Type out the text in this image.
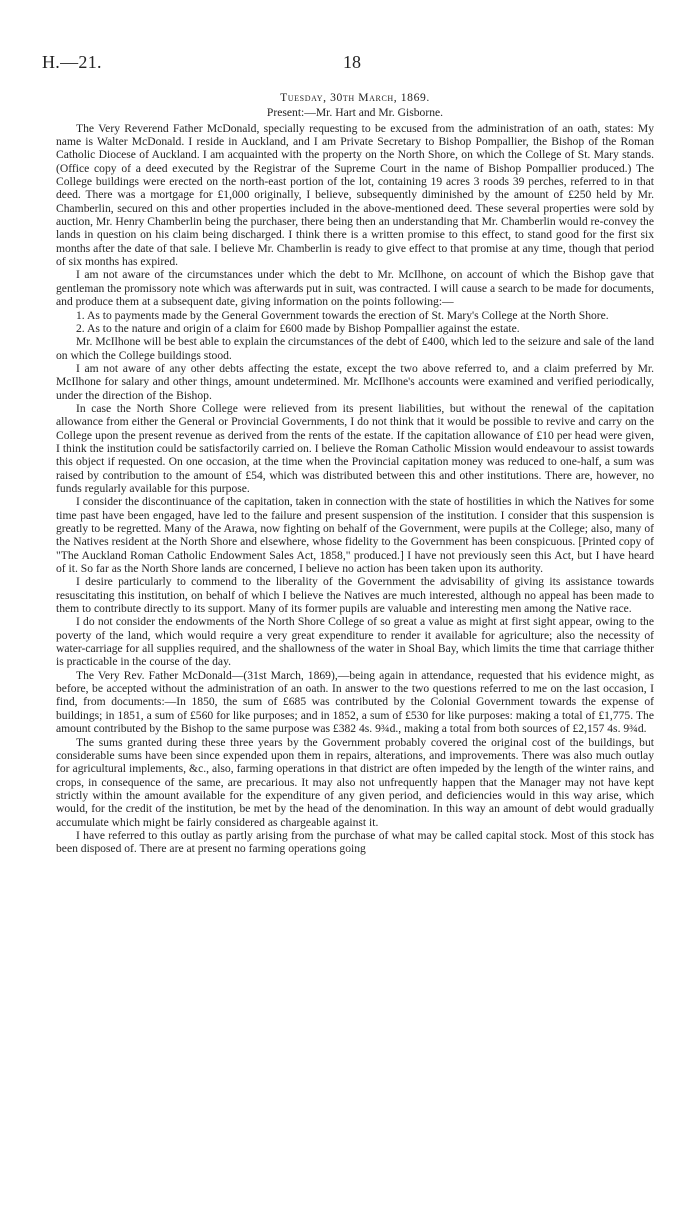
H.—21.	18
Tuesday, 30th March, 1869.
Present:—Mr. Hart and Mr. Gisborne.

The Very Reverend Father McDonald, specially requesting to be excused from the administration of an oath, states: My name is Walter McDonald. I reside in Auckland, and I am Private Secretary to Bishop Pompallier, the Bishop of the Roman Catholic Diocese of Auckland. I am acquainted with the property on the North Shore, on which the College of St. Mary stands. (Office copy of a deed executed by the Registrar of the Supreme Court in the name of Bishop Pompallier produced.) The College buildings were erected on the north-east portion of the lot, containing 19 acres 3 roods 39 perches, referred to in that deed. There was a mortgage for £1,000 originally, I believe, subsequently diminished by the amount of £250 held by Mr. Chamberlin, secured on this and other properties included in the above-mentioned deed. These several properties were sold by auction, Mr. Henry Chamberlin being the purchaser, there being then an understanding that Mr. Chamberlin would re-convey the lands in question on his claim being discharged. I think there is a written promise to this effect, to stand good for the first six months after the date of that sale. I believe Mr. Chamberlin is ready to give effect to that promise at any time, though that period of six months has expired.

I am not aware of the circumstances under which the debt to Mr. McIlhone, on account of which the Bishop gave that gentleman the promissory note which was afterwards put in suit, was contracted. I will cause a search to be made for documents, and produce them at a subsequent date, giving information on the points following:—

1. As to payments made by the General Government towards the erection of St. Mary's College at the North Shore.

2. As to the nature and origin of a claim for £600 made by Bishop Pompallier against the estate.

Mr. McIlhone will be best able to explain the circumstances of the debt of £400, which led to the seizure and sale of the land on which the College buildings stood.

I am not aware of any other debts affecting the estate, except the two above referred to, and a claim preferred by Mr. McIlhone for salary and other things, amount undetermined. Mr. McIlhone's accounts were examined and verified periodically, under the direction of the Bishop.

In case the North Shore College were relieved from its present liabilities, but without the renewal of the capitation allowance from either the General or Provincial Governments, I do not think that it would be possible to revive and carry on the College upon the present revenue as derived from the rents of the estate. If the capitation allowance of £10 per head were given, I think the institution could be satisfactorily carried on. I believe the Roman Catholic Mission would endeavour to assist towards this object if requested. On one occasion, at the time when the Provincial capitation money was reduced to one-half, a sum was raised by contribution to the amount of £54, which was distributed between this and other institutions. There are, however, no funds regularly available for this purpose.

I consider the discontinuance of the capitation, taken in connection with the state of hostilities in which the Natives for some time past have been engaged, have led to the failure and present suspension of the institution. I consider that this suspension is greatly to be regretted. Many of the Arawa, now fighting on behalf of the Government, were pupils at the College; also, many of the Natives resident at the North Shore and elsewhere, whose fidelity to the Government has been conspicuous. [Printed copy of "The Auckland Roman Catholic Endowment Sales Act, 1858," produced.] I have not previously seen this Act, but I have heard of it. So far as the North Shore lands are concerned, I believe no action has been taken upon its authority.

I desire particularly to commend to the liberality of the Government the advisability of giving its assistance towards resuscitating this institution, on behalf of which I believe the Natives are much interested, although no appeal has been made to them to contribute directly to its support. Many of its former pupils are valuable and interesting men among the Native race.

I do not consider the endowments of the North Shore College of so great a value as might at first sight appear, owing to the poverty of the land, which would require a very great expenditure to render it available for agriculture; also the necessity of water-carriage for all supplies required, and the shallowness of the water in Shoal Bay, which limits the time that carriage thither is practicable in the course of the day.

The Very Rev. Father McDonald—(31st March, 1869),—being again in attendance, requested that his evidence might, as before, be accepted without the administration of an oath. In answer to the two questions referred to me on the last occasion, I find, from documents:—In 1850, the sum of £685 was contributed by the Colonial Government towards the expense of buildings; in 1851, a sum of £560 for like purposes; and in 1852, a sum of £530 for like purposes: making a total of £1,775. The amount contributed by the Bishop to the same purpose was £382 4s. 9¾d., making a total from both sources of £2,157 4s. 9¾d.

The sums granted during these three years by the Government probably covered the original cost of the buildings, but considerable sums have been since expended upon them in repairs, alterations, and improvements. There was also much outlay for agricultural implements, &c., also, farming operations in that district are often impeded by the length of the winter rains, and crops, in consequence of the same, are precarious. It may also not unfrequently happen that the Manager may not have kept strictly within the amount available for the expenditure of any given period, and deficiencies would in this way arise, which would, for the credit of the institution, be met by the head of the denomination. In this way an amount of debt would gradually accumulate which might be fairly considered as chargeable against it.

I have referred to this outlay as partly arising from the purchase of what may be called capital stock. Most of this stock has been disposed of. There are at present no farming operations going
